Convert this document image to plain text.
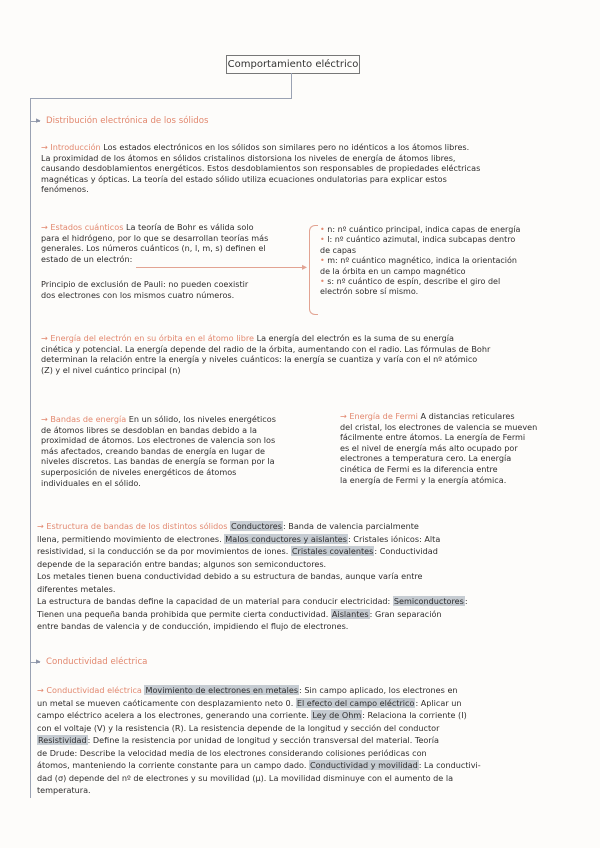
Comportamiento eléctrico
▸ Distribución electrónica de los sólidos
→ Introducción Los estados electrónicos en los sólidos son similares pero no idénticos a los átomos libres.
La proximidad de los átomos en sólidos cristalinos distorsiona los niveles de energía de átomos libres,
causando desdoblamientos energéticos. Estos desdoblamientos son responsables de propiedades eléctricas
magnéticas y ópticas. La teoría del estado sólido utiliza ecuaciones ondulatorias para explicar estos
fenómenos.
→ Estados cuánticos La teoría de Bohr es válida solo
para el hidrógeno, por lo que se desarrollan teorías más
generales. Los números cuánticos (n, l, m, s) definen el
estado de un electrón:
▸
Principio de exclusión de Pauli: no pueden coexistir
dos electrones con los mismos cuatro números.
• n: nº cuántico principal, indica capas de energía
• l: nº cuántico azimutal, indica subcapas dentro
de capas
• m: nº cuántico magnético, indica la orientación
de la órbita en un campo magnético
• s: nº cuántico de espín, describe el giro del
electrón sobre sí mismo.
→ Energía del electrón en su órbita en el átomo libre La energía del electrón es la suma de su energía
cinética y potencial. La energía depende del radio de la órbita, aumentando con el radio. Las fórmulas de Bohr
determinan la relación entre la energía y niveles cuánticos: la energía se cuantiza y varía con el nº atómico
(Z) y el nivel cuántico principal (n)
→ Bandas de energía En un sólido, los niveles energéticos
de átomos libres se desdoblan en bandas debido a la
proximidad de átomos. Los electrones de valencia son los
más afectados, creando bandas de energía en lugar de
niveles discretos. Las bandas de energía se forman por la
superposición de niveles energéticos de átomos
individuales en el sólido.
→ Energía de Fermi A distancias reticulares
del cristal, los electrones de valencia se mueven
fácilmente entre átomos. La energía de Fermi
es el nivel de energía más alto ocupado por
electrones a temperatura cero. La energía
cinética de Fermi es la diferencia entre
la energía de Fermi y la energía atómica.
→ Estructura de bandas de los distintos sólidos Conductores: Banda de valencia parcialmente
llena, permitiendo movimiento de electrones. Malos conductores y aislantes: Cristales iónicos: Alta
resistividad, si la conducción se da por movimientos de iones. Cristales covalentes: Conductividad
depende de la separación entre bandas; algunos son semiconductores.
Los metales tienen buena conductividad debido a su estructura de bandas, aunque varía entre
diferentes metales.
La estructura de bandas define la capacidad de un material para conducir electricidad: Semiconductores:
Tienen una pequeña banda prohibida que permite cierta conductividad. Aislantes: Gran separación
entre bandas de valencia y de conducción, impidiendo el flujo de electrones.
▸ Conductividad eléctrica
→ Conductividad eléctrica Movimiento de electrones en metales: Sin campo aplicado, los electrones en
un metal se mueven caóticamente con desplazamiento neto 0. El efecto del campo eléctrico: Aplicar un
campo eléctrico acelera a los electrones, generando una corriente. Ley de Ohm: Relaciona la corriente (I)
con el voltaje (V) y la resistencia (R). La resistencia depende de la longitud y sección del conductor
Resistividad: Define la resistencia por unidad de longitud y sección transversal del material. Teoría
de Drude: Describe la velocidad media de los electrones considerando colisiones periódicas con
átomos, manteniendo la corriente constante para un campo dado. Conductividad y movilidad: La conductivi-
dad (σ) depende del nº de electrones y su movilidad (μ). La movilidad disminuye con el aumento de la
temperatura.
